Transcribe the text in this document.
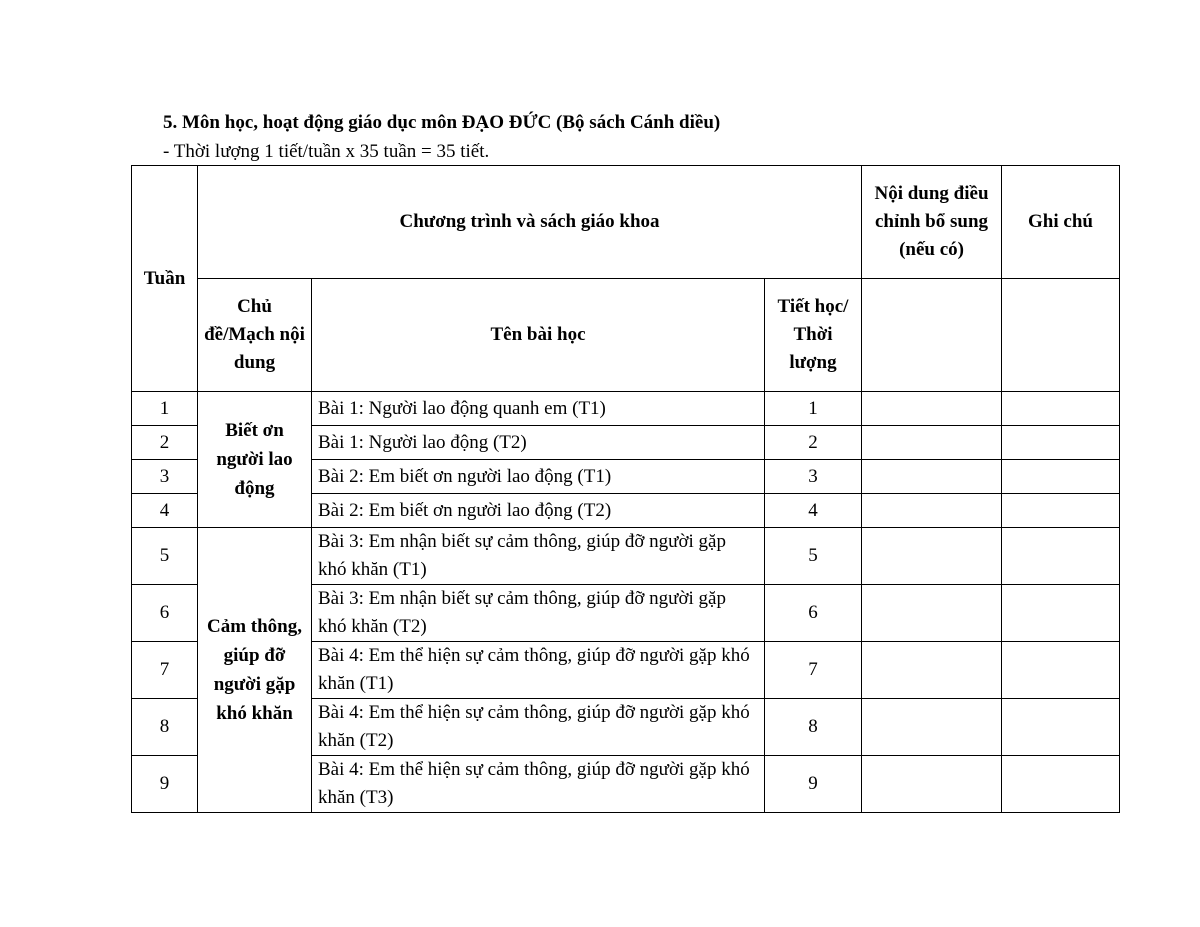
5. Môn học, hoạt động giáo dục môn ĐẠO ĐỨC (Bộ sách Cánh diều)
- Thời lượng 1 tiết/tuần x 35 tuần = 35 tiết.
Tuần	Chương trình và sách giáo khoa			Nội dung điều chỉnh bổ sung (nếu có)	Ghi chú
	Chủ đề/Mạch nội dung	Tên bài học	Tiết học/ Thời lượng		
1	Biết ơn người lao động	Bài 1: Người lao động quanh em (T1)	1		
2		Bài 1: Người lao động (T2)	2		
3		Bài 2: Em biết ơn người lao động (T1)	3		
4		Bài 2: Em biết ơn người lao động (T2)	4		
5	Cảm thông, giúp đỡ người gặp khó khăn	Bài 3: Em nhận biết sự cảm thông, giúp đỡ người gặp khó khăn (T1)	5		
6		Bài 3: Em nhận biết sự cảm thông, giúp đỡ người gặp khó khăn (T2)	6		
7		Bài 4: Em thể hiện sự cảm thông, giúp đỡ người gặp khó khăn (T1)	7		
8		Bài 4: Em thể hiện sự cảm thông, giúp đỡ người gặp khó khăn (T2)	8		
9		Bài 4: Em thể hiện sự cảm thông, giúp đỡ người gặp khó khăn (T3)	9		
